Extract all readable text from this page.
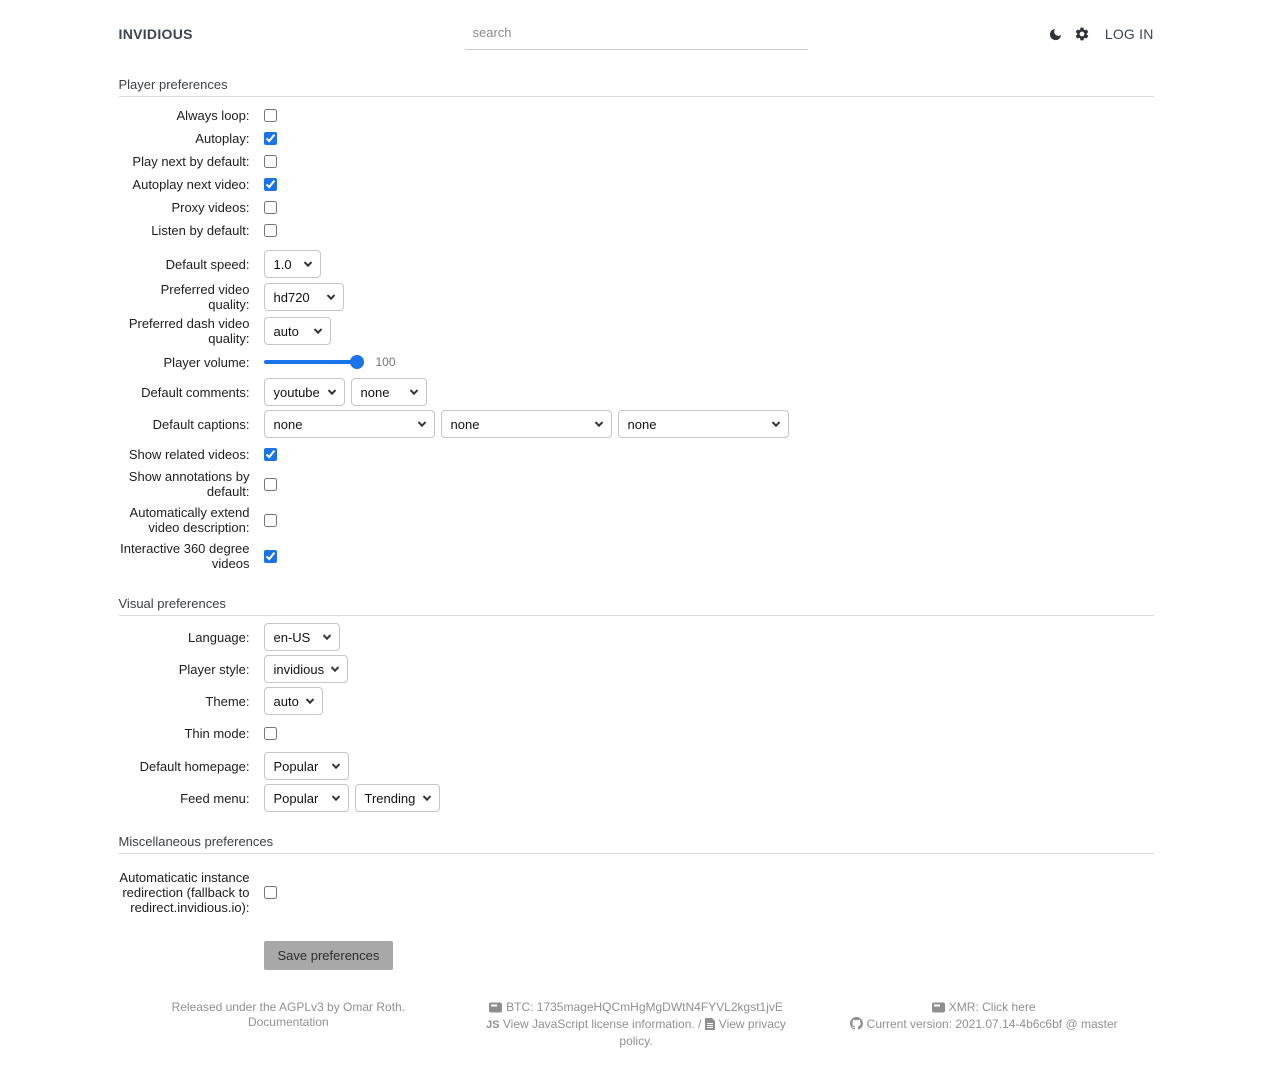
INVIDIOUS
search	LOG IN
Player preferences
Always loop:
Autoplay:
Play next by default:
Autoplay next video:
Proxy videos:
Listen by default:
Default speed: 1.0
Preferred video quality: hd720
Preferred dash video quality: auto
Player volume:	100
Default comments: youtube	none
Default captions: none	none	none
Show related videos:
Show annotations by default:
Automatically extend video description:
Interactive 360 degree videos
Visual preferences
Language: en-US
Player style: invidious
Theme: auto
Thin mode:
Default homepage: Popular
Feed menu: Popular	Trending
Miscellaneous preferences
Automaticatic instance redirection (fallback to redirect.invidious.io):
Save preferences
Released under the AGPLv3 by Omar Roth.
Documentation
BTC: 1735mageHQCmHgMgDWtN4FYVL2kgst1jvE
JS View JavaScript license information. / View privacy policy.
XMR: Click here
Current version: 2021.07.14-4b6c6bf @ master
